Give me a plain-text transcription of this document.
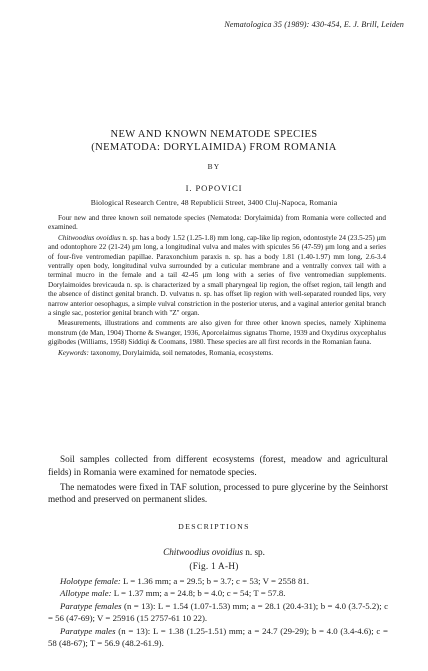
Nematologica 35 (1989): 430-454, E. J. Brill, Leiden
NEW AND KNOWN NEMATODE SPECIES
(NEMATODA: DORYLAIMIDA) FROM ROMANIA
BY
I. POPOVICI
Biological Research Centre, 48 Republicii Street, 3400 Cluj-Napoca, Romania

Four new and three known soil nematode species (Nematoda: Dorylaimida) from Romania were collected and examined.

Chitwoodius ovoidius n. sp. has a body 1.52 (1.25-1.8) mm long, cap-like lip region, odontostyle 24 (23.5-25) μm and odontophore 22 (21-24) μm long, a longitudinal vulva and males with spicules 56 (47-59) μm long and a series of four-five ventromedian papillae. Paraxonchium paraxis n. sp. has a body 1.81 (1.40-1.97) mm long, 2.6-3.4 ventrally open body, longitudinal vulva surrounded by a cuticular membrane and a ventrally convex tail with a terminal mucro in the female and a tail 42-45 μm long with a series of five ventromedian supplements. Dorylaimoides brevicauda n. sp. is characterized by a small pharyngeal lip region, the offset region, tail length and the absence of distinct genital branch. D. vulvatus n. sp. has offset lip region with well-separated rounded lips, very narrow anterior oesophagus, a simple vulval constriction in the posterior uterus, and a vaginal anterior genital branch a single sac, posterior genital branch with "Z" organ.

Measurements, illustrations and comments are also given for three other known species, namely Xiphinema monstrum (de Man, 1904) Thorne & Swanger, 1936, Aporcelaimus signatus Thorne, 1939 and Oxydirus oxycephalus gigibodes (Williams, 1958) Siddiqi & Coomans, 1980. These species are all first records in the Romanian fauna.

Keywords: taxonomy, Dorylaimida, soil nematodes, Romania, ecosystems.

Soil samples collected from different ecosystems (forest, meadow and agricultural fields) in Romania were examined for nematode species.

The nematodes were fixed in TAF solution, processed to pure glycerine by the Seinhorst method and preserved on permanent slides.

DESCRIPTIONS
Chitwoodius ovoidius n. sp.
(Fig. 1 A-H)

Holotype female: L = 1.36 mm; a = 29.5; b = 3.7; c = 53; V = 2558 81.

Allotype male: L = 1.37 mm; a = 24.8; b = 4.0; c = 54; T = 57.8.

Paratype females (n = 13): L = 1.54 (1.07-1.53) mm; a = 28.1 (20.4-31); b = 4.0 (3.7-5.2); c = 56 (47-69); V = 25916 (15 2757-61 10 22).

Paratype males (n = 13): L = 1.38 (1.25-1.51) mm; a = 24.7 (29-29); b = 4.0 (3.4-4.6); c = 58 (48-67); T = 56.9 (48.2-61.9).
